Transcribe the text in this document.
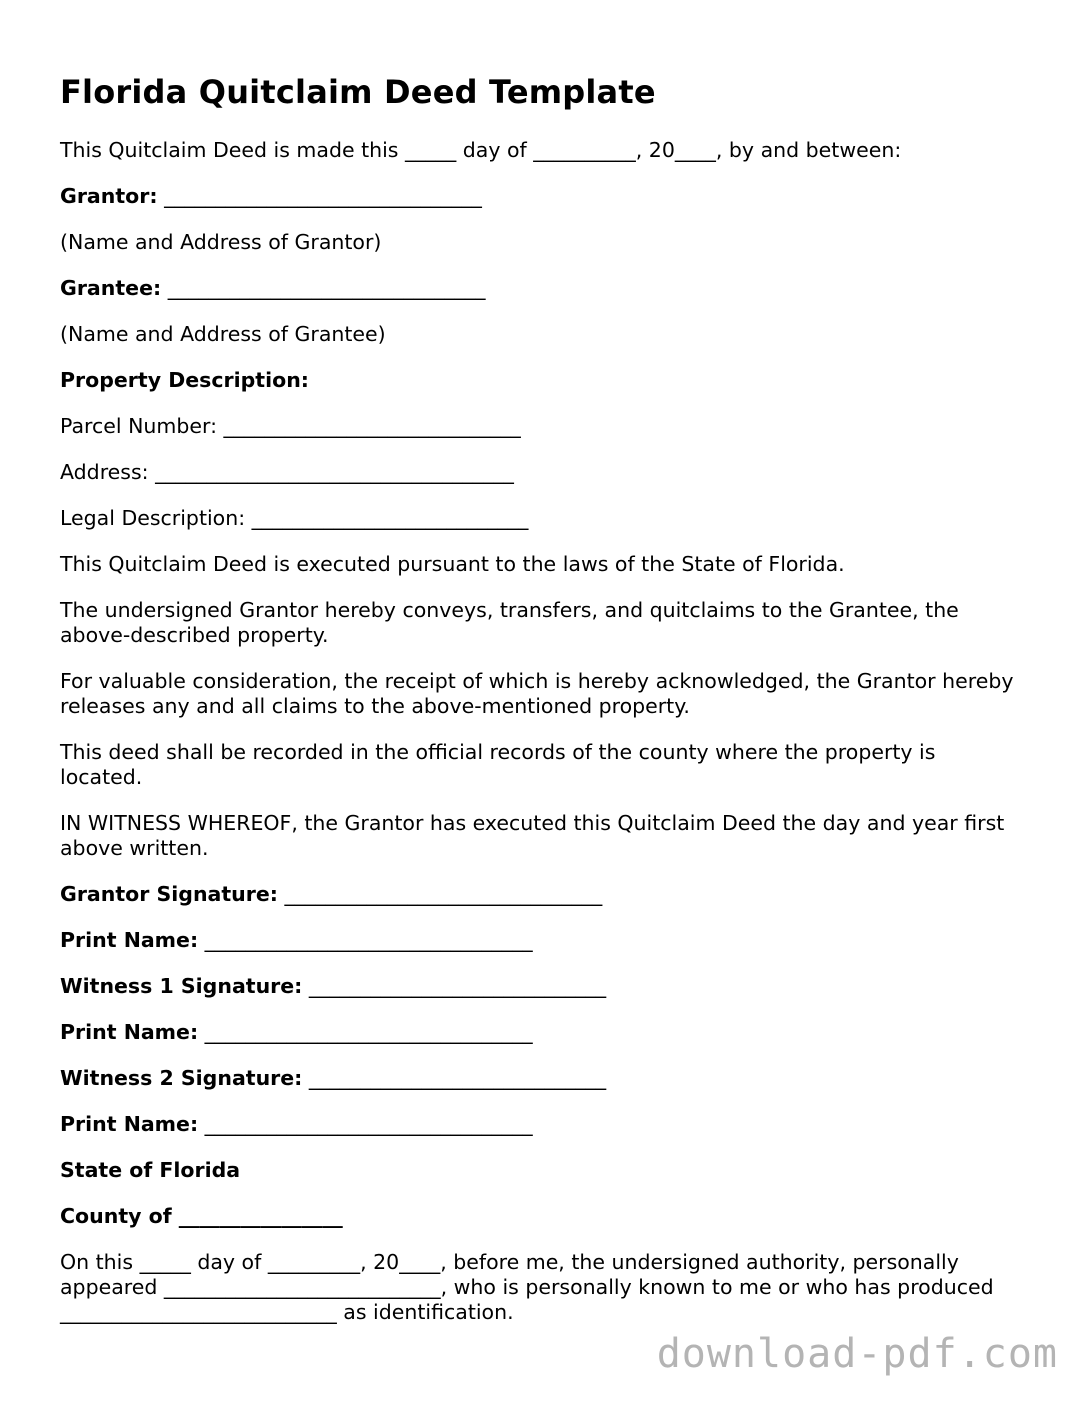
Florida Quitclaim Deed Template

This Quitclaim Deed is made this _____ day of __________, 20____, by and between:

Grantor: _______________________________

(Name and Address of Grantor)

Grantee: _______________________________

(Name and Address of Grantee)

Property Description:

Parcel Number: _____________________________

Address: ___________________________________

Legal Description: ___________________________

This Quitclaim Deed is executed pursuant to the laws of the State of Florida.

The undersigned Grantor hereby conveys, transfers, and quitclaims to the Grantee, the above-described property.

For valuable consideration, the receipt of which is hereby acknowledged, the Grantor hereby releases any and all claims to the above-mentioned property.

This deed shall be recorded in the official records of the county where the property is located.

IN WITNESS WHEREOF, the Grantor has executed this Quitclaim Deed the day and year first above written.

Grantor Signature: _______________________________

Print Name: ________________________________

Witness 1 Signature: _____________________________

Print Name: ________________________________

Witness 2 Signature: _____________________________

Print Name: ________________________________

State of Florida

County of ________________

On this _____ day of _________, 20____, before me, the undersigned authority, personally appeared ___________________________, who is personally known to me or who has produced ___________________________ as identification.

download-pdf.com
